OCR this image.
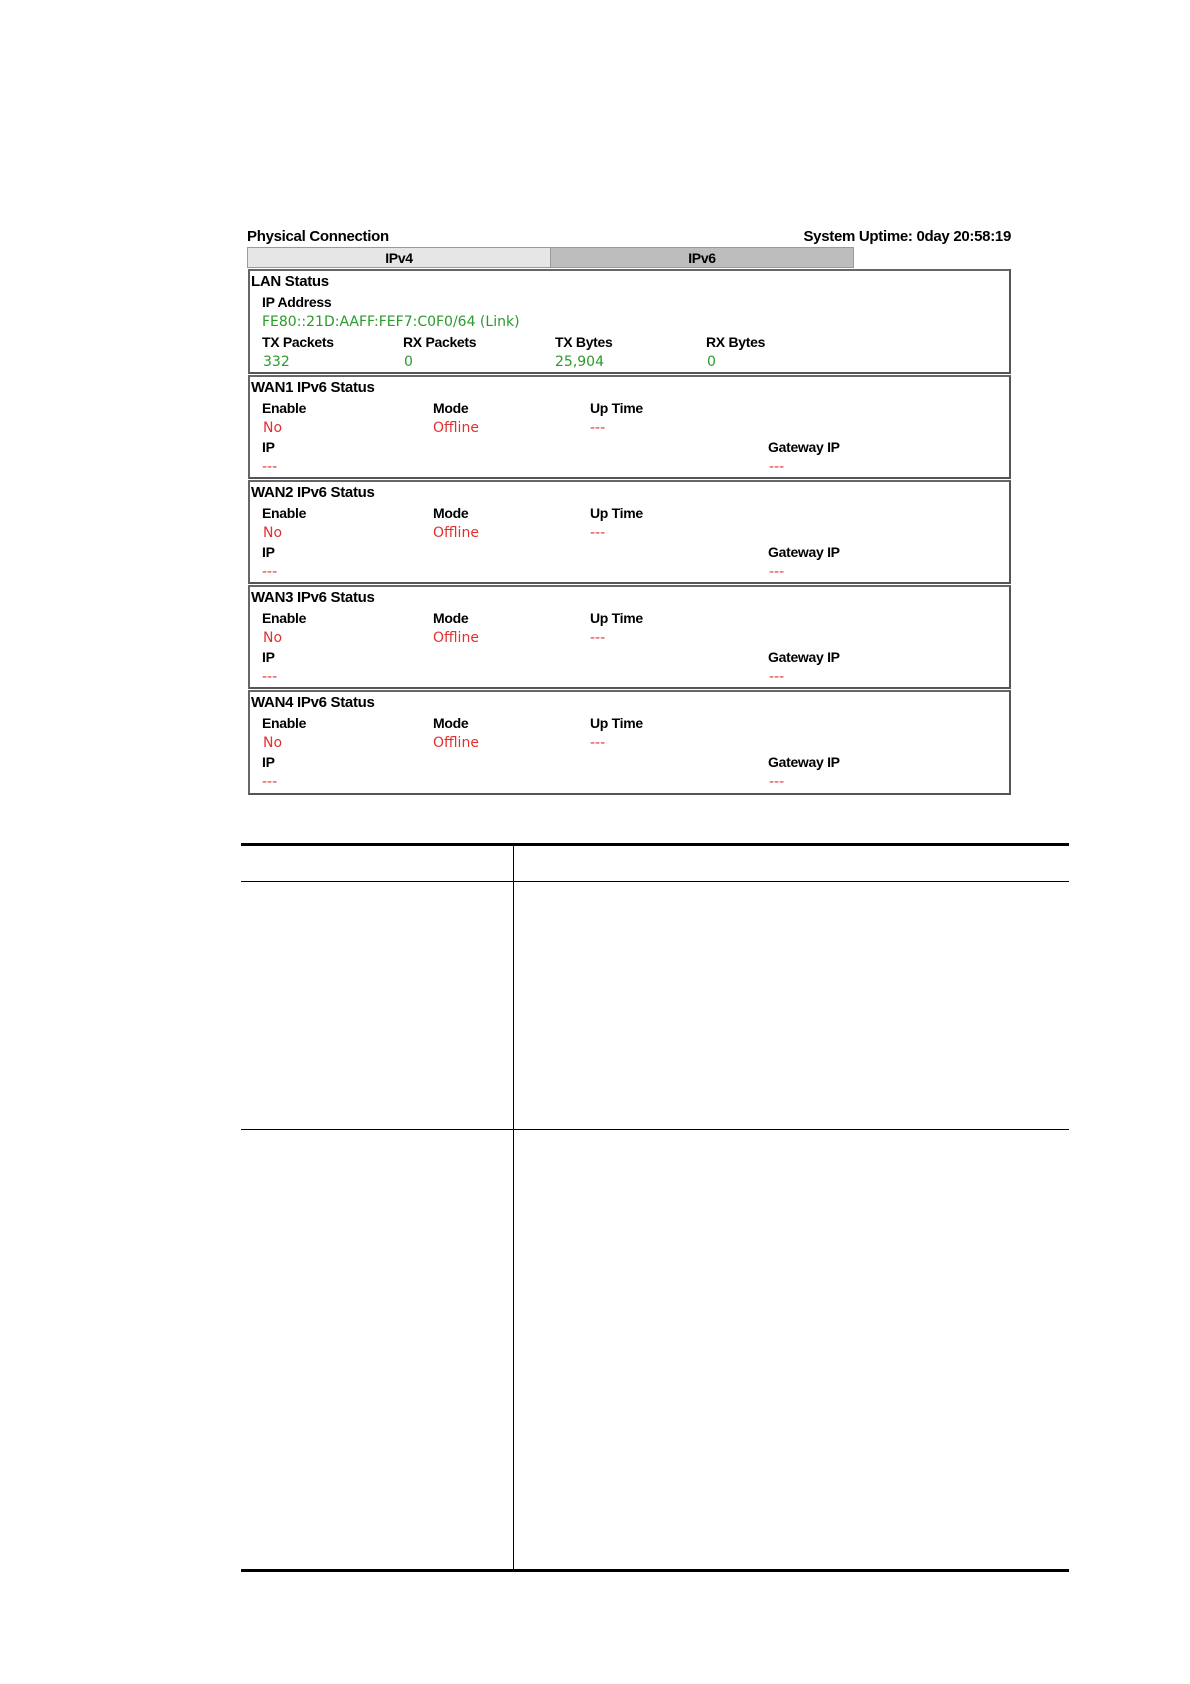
Physical Connection	System Uptime: 0day 20:58:19
IPv4	IPv6
LAN Status
IP Address
FE80::21D:AAFF:FEF7:C0F0/64 (Link)
TX Packets	RX Packets	TX Bytes	RX Bytes
332	0	25,904	0
WAN1 IPv6 Status
Enable	Mode	Up Time
No	Offline	---
IP	Gateway IP
---	---
WAN2 IPv6 Status
Enable	Mode	Up Time
No	Offline	---
IP	Gateway IP
---	---
WAN3 IPv6 Status
Enable	Mode	Up Time
No	Offline	---
IP	Gateway IP
---	---
WAN4 IPv6 Status
Enable	Mode	Up Time
No	Offline	---
IP	Gateway IP
---	---
